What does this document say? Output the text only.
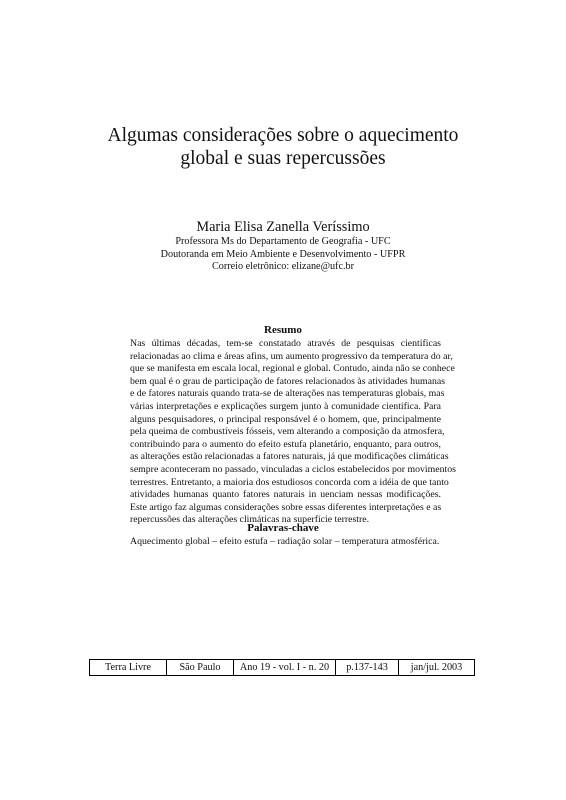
Algumas considerações sobre o aquecimento
global e suas repercussões
Maria Elisa Zanella Veríssimo
Professora Ms do Departamento de Geografia - UFC
Doutoranda em Meio Ambiente e Desenvolvimento - UFPR
Correio eletrônico: elizane@ufc.br
Resumo
Nas últimas décadas, tem-se constatado através de pesquisas científicas
relacionadas ao clima e áreas afins, um aumento progressivo da temperatura do ar,
que se manifesta em escala local, regional e global. Contudo, ainda não se conhece
bem qual é o grau de participação de fatores relacionados às atividades humanas
e de fatores naturais quando trata-se de alterações nas temperaturas globais, mas
várias interpretações e explicações surgem junto à comunidade científica. Para
alguns pesquisadores, o principal responsável é o homem, que, principalmente
pela queima de combustíveis fósseis, vem alterando a composição da atmosfera,
contribuindo para o aumento do efeito estufa planetário, enquanto, para outros,
as alterações estão relacionadas a fatores naturais, já que modificações climáticas
sempre aconteceram no passado, vinculadas a ciclos estabelecidos por movimentos
terrestres. Entretanto, a maioria dos estudiosos concorda com a idéia de que tanto
atividades humanas quanto fatores naturais in uenciam nessas modificações.
Este artigo faz algumas considerações sobre essas diferentes interpretações e as
repercussões das alterações climáticas na superfície terrestre.
Palavras-chave
Aquecimento global – efeito estufa – radiação solar – temperatura atmosférica.
Terra Livre	São Paulo	Ano 19 - vol. I - n. 20	p.137-143	jan/jul. 2003
